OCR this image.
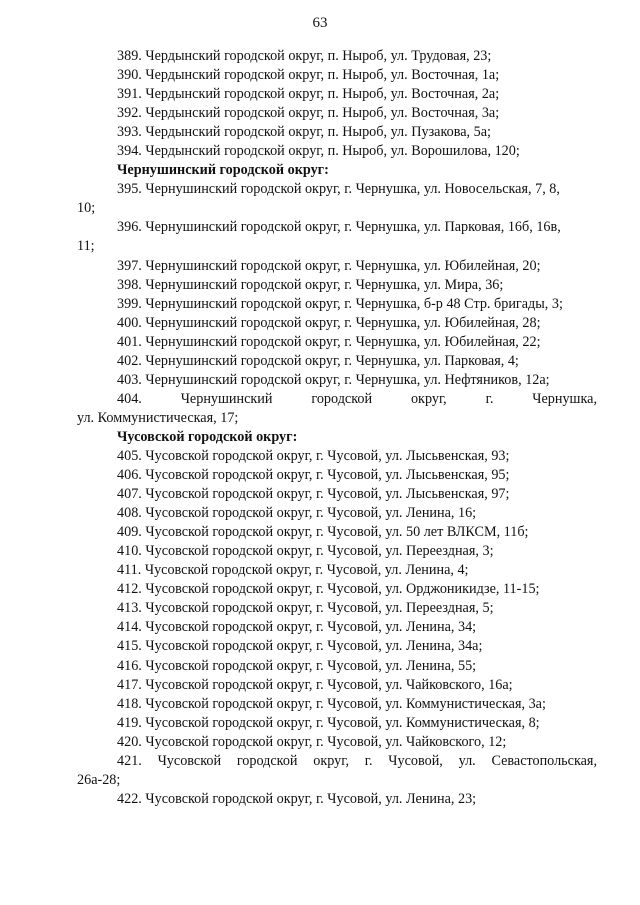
63
389. Чердынский городской округ, п. Ныроб, ул. Трудовая, 23;
390. Чердынский городской округ, п. Ныроб, ул. Восточная, 1а;
391. Чердынский городской округ, п. Ныроб, ул. Восточная, 2а;
392. Чердынский городской округ, п. Ныроб, ул. Восточная, 3а;
393. Чердынский городской округ, п. Ныроб, ул. Пузакова, 5а;
394. Чердынский городской округ, п. Ныроб, ул. Ворошилова, 120;
Чернушинский городской округ:
395. Чернушинский городской округ, г. Чернушка, ул. Новосельская, 7, 8,
10;
396. Чернушинский городской округ, г. Чернушка, ул. Парковая, 16б, 16в,
11;
397. Чернушинский городской округ, г. Чернушка, ул. Юбилейная, 20;
398. Чернушинский городской округ, г. Чернушка, ул. Мира, 36;
399. Чернушинский городской округ, г. Чернушка, б-р 48 Стр. бригады, 3;
400. Чернушинский городской округ, г. Чернушка, ул. Юбилейная, 28;
401. Чернушинский городской округ, г. Чернушка, ул. Юбилейная, 22;
402. Чернушинский городской округ, г. Чернушка, ул. Парковая, 4;
403. Чернушинский городской округ, г. Чернушка, ул. Нефтяников, 12а;
404. Чернушинский городской округ, г. Чернушка,
ул. Коммунистическая, 17;
Чусовской городской округ:
405. Чусовской городской округ, г. Чусовой, ул. Лысьвенская, 93;
406. Чусовской городской округ, г. Чусовой, ул. Лысьвенская, 95;
407. Чусовской городской округ, г. Чусовой, ул. Лысьвенская, 97;
408. Чусовской городской округ, г. Чусовой, ул. Ленина, 16;
409. Чусовской городской округ, г. Чусовой, ул. 50 лет ВЛКСМ, 11б;
410. Чусовской городской округ, г. Чусовой, ул. Переездная, 3;
411. Чусовской городской округ, г. Чусовой, ул. Ленина, 4;
412. Чусовской городской округ, г. Чусовой, ул. Орджоникидзе, 11-15;
413. Чусовской городской округ, г. Чусовой, ул. Переездная, 5;
414. Чусовской городской округ, г. Чусовой, ул. Ленина, 34;
415. Чусовской городской округ, г. Чусовой, ул. Ленина, 34а;
416. Чусовской городской округ, г. Чусовой, ул. Ленина, 55;
417. Чусовской городской округ, г. Чусовой, ул. Чайковского, 16а;
418. Чусовской городской округ, г. Чусовой, ул. Коммунистическая, 3а;
419. Чусовской городской округ, г. Чусовой, ул. Коммунистическая, 8;
420. Чусовской городской округ, г. Чусовой, ул. Чайковского, 12;
421. Чусовской городской округ, г. Чусовой, ул. Севастопольская,
26а-28;
422. Чусовской городской округ, г. Чусовой, ул. Ленина, 23;
